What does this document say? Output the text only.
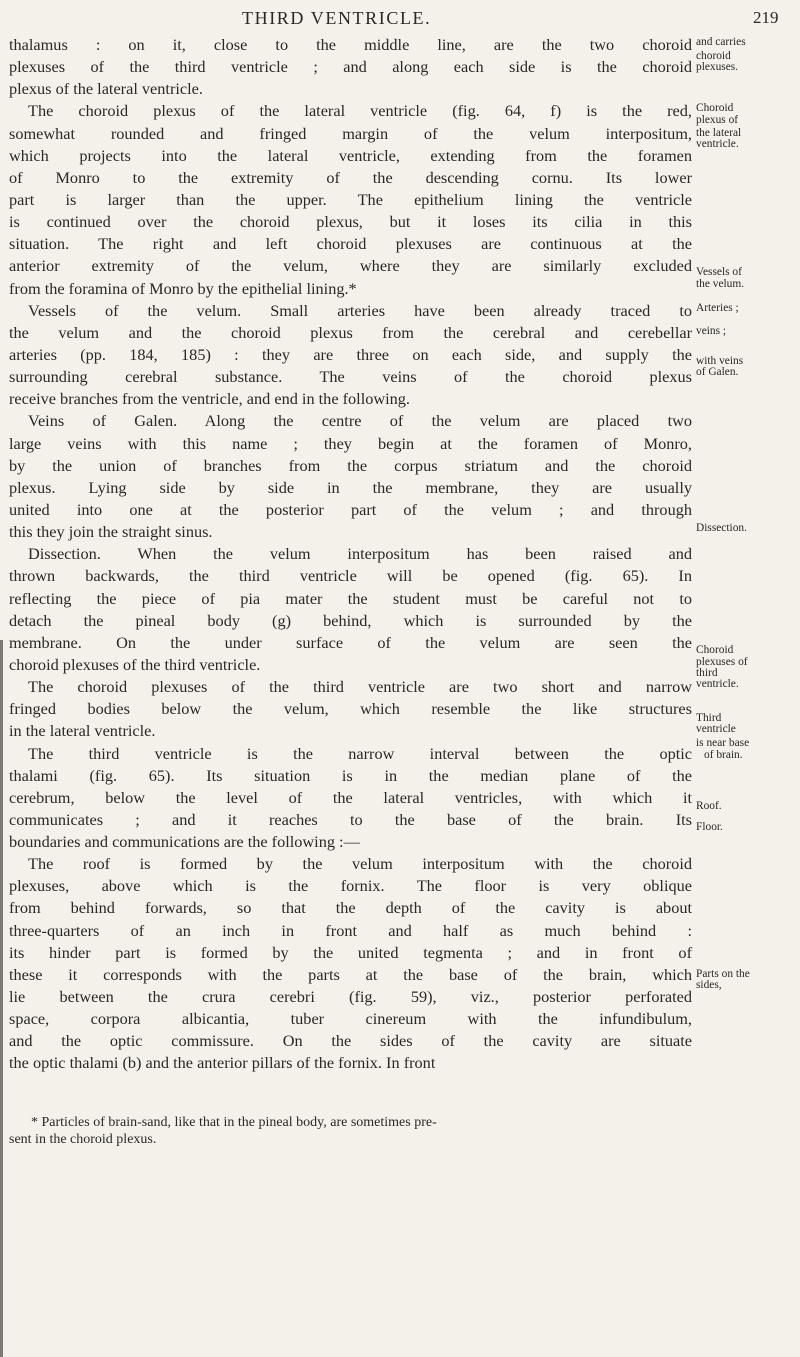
THIRD VENTRICLE.	219
thalamus : on it, close to the middle line, are the two choroid
plexuses of the third ventricle ; and along each side is the choroid
plexus of the lateral ventricle.
The choroid plexus of the lateral ventricle (fig. 64, f) is the red,
somewhat rounded and fringed margin of the velum interpositum,
which projects into the lateral ventricle, extending from the foramen
of Monro to the extremity of the descending cornu. Its lower
part is larger than the upper. The epithelium lining the ventricle
is continued over the choroid plexus, but it loses its cilia in this
situation. The right and left choroid plexuses are continuous at the
anterior extremity of the velum, where they are similarly excluded
from the foramina of Monro by the epithelial lining.*
Vessels of the velum. Small arteries have been already traced to
the velum and the choroid plexus from the cerebral and cerebellar
arteries (pp. 184, 185) : they are three on each side, and supply the
surrounding cerebral substance. The veins of the choroid plexus
receive branches from the ventricle, and end in the following.
Veins of Galen. Along the centre of the velum are placed two
large veins with this name ; they begin at the foramen of Monro,
by the union of branches from the corpus striatum and the choroid
plexus. Lying side by side in the membrane, they are usually
united into one at the posterior part of the velum ; and through
this they join the straight sinus.
Dissection. When the velum interpositum has been raised and
thrown backwards, the third ventricle will be opened (fig. 65). In
reflecting the piece of pia mater the student must be careful not to
detach the pineal body (g) behind, which is surrounded by the
membrane. On the under surface of the velum are seen the
choroid plexuses of the third ventricle.
The choroid plexuses of the third ventricle are two short and narrow
fringed bodies below the velum, which resemble the like structures
in the lateral ventricle.
The third ventricle is the narrow interval between the optic
thalami (fig. 65). Its situation is in the median plane of the
cerebrum, below the level of the lateral ventricles, with which it
communicates ; and it reaches to the base of the brain. Its
boundaries and communications are the following :—
The roof is formed by the velum interpositum with the choroid
plexuses, above which is the fornix. The floor is very oblique
from behind forwards, so that the depth of the cavity is about
three-quarters of an inch in front and half as much behind :
its hinder part is formed by the united tegmenta ; and in front of
these it corresponds with the parts at the base of the brain, which
lie between the crura cerebri (fig. 59), viz., posterior perforated
space, corpora albicantia, tuber cinereum with the infundibulum,
and the optic commissure. On the sides of the cavity are situate
the optic thalami (b) and the anterior pillars of the fornix. In front
and carries
choroid
plexuses.
Choroid
plexus of
the lateral
ventricle.
Vessels of
the velum.
Arteries ;
veins ;
with veins
of Galen.
Dissection.
Choroid
plexuses of
third
ventricle.
Third
ventricle
is near base
of brain.
Roof.
Floor.
Parts on the
sides,
* Particles of brain-sand, like that in the pineal body, are sometimes pre-
sent in the choroid plexus.
